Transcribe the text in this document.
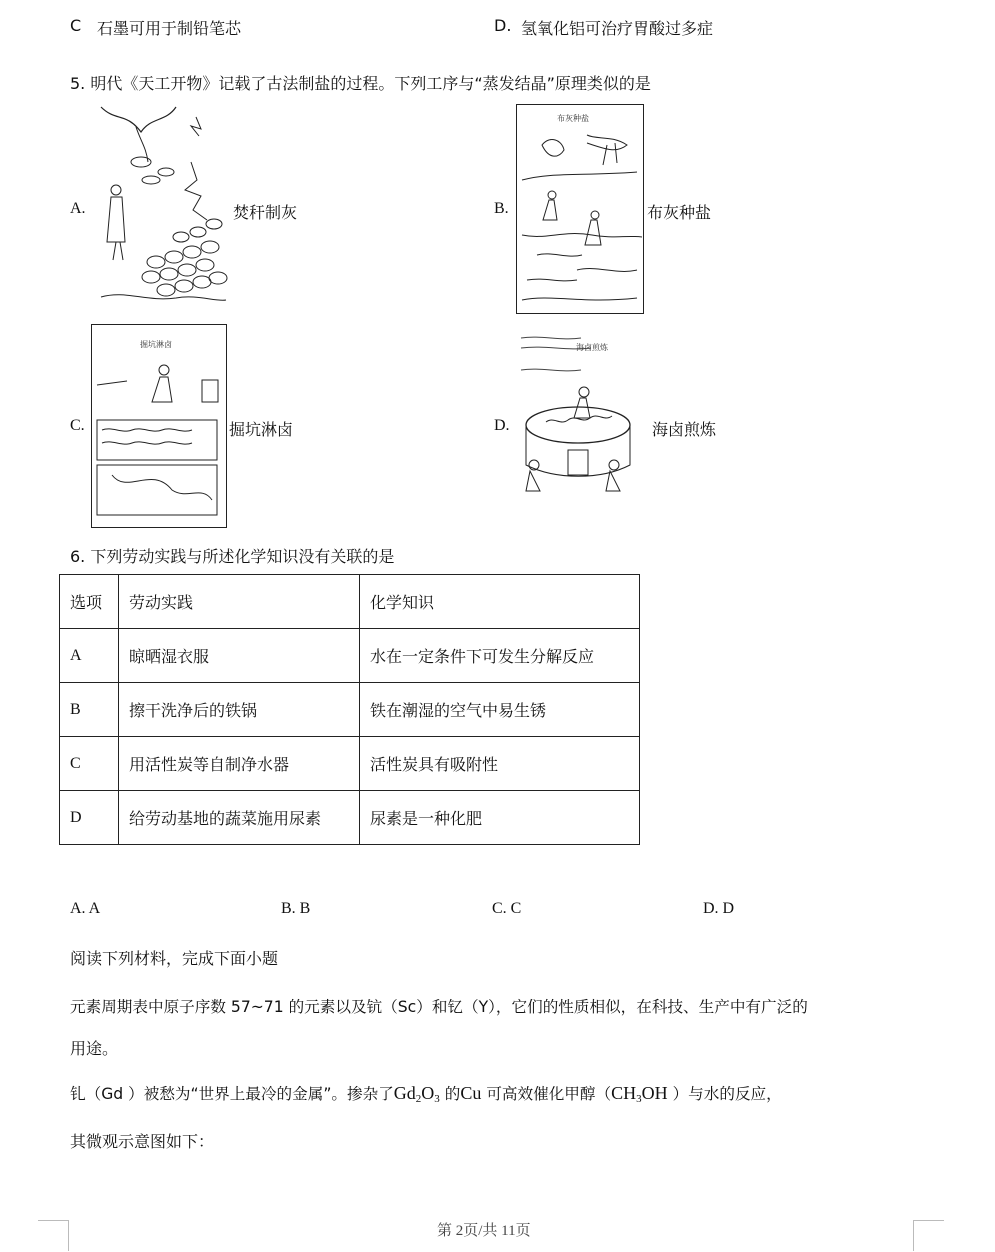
C 石墨可用于制铅笔芯	D. 氢氧化铝可治疗胃酸过多症
5. 明代《天工开物》记载了古法制盐的过程。下列工序与“蒸发结晶”原理类似的是
A.	焚秆制灰	B.
布灰种盐
布灰种盐
C.
掘坑淋卤
掘坑淋卤	D.
海卤煎炼
海卤煎炼
6. 下列劳动实践与所述化学知识没有关联的是
选项	劳动实践	化学知识
A	晾晒湿衣服	水在一定条件下可发生分解反应
B	擦干洗净后的铁锅	铁在潮湿的空气中易生锈
C	用活性炭等自制净水器	活性炭具有吸附性
D	给劳动基地的蔬菜施用尿素	尿素是一种化肥
A. A	B. B	C. C	D. D
阅读下列材料，完成下面小题
元素周期表中原子序数 57~71 的元素以及钪（Sc）和钇（Y），它们的性质相似，在科技、生产中有广泛的
用途。
钆（Gd ）被愁为“世界上最冷的金属”。掺杂了$Gd_2O_3$ 的Cu 可高效催化甲醇（$CH_3OH$ ）与水的反应，
其微观示意图如下：
第 2页/共 11页
